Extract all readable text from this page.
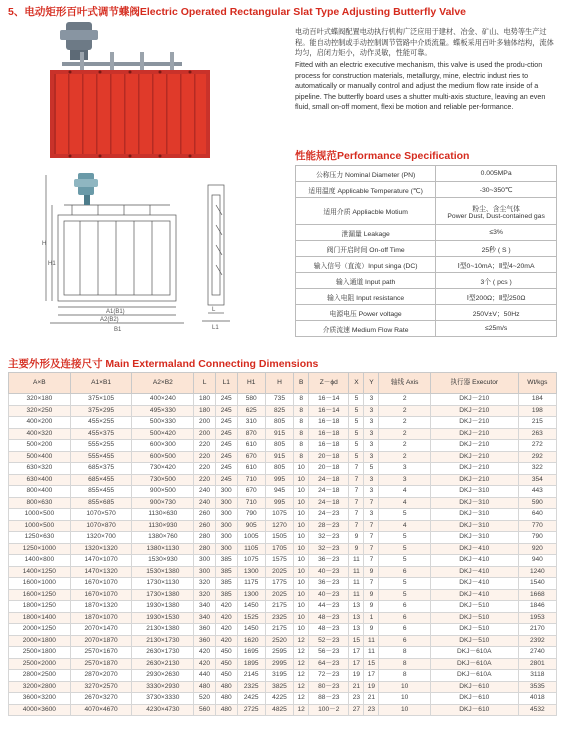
5、电动矩形百叶式调节蝶阀Electric Operated Rectangular Slat Type Adjusting Butterfly Valve
电动百叶式蝶阀配置电动执行机构广泛应用于建材、冶金、矿山、电势等生产过程。能自动控制或手动控制调节管路中介质流量。蝶板采用百叶多轴体结构，流体均匀，启闭力矩小，动作灵敏，性能可靠。
Fitted with an electric executive mechanism, this valve is used the produ-ction process for construction materials, metallurgy, mine, electric indust ries to automatically or manually control and adjust the medium flow rate inside of a pipeline. The butterfly board uses a shutter multi-axis stucture, leaving an even fluid, small on-off moment, flexi be motion and reliable per-formance.
H
H1
A1(B1)
A2(B2)
B1
L
L1
性能规范Performance Specification
公称压力 Nominal Diameter (PN)	0.005MPa
适用温度 Applicable Temperature (℃)	-30~350℃
适用介质 Appliacble Motium	粉尘、含尘气体
Power Dust, Dust-contained gas

泄漏量 Leakage	≤3%
阀门开启时间 On-off Time	25秒 ( S )
输入信号（直流）Input singa (DC)	Ⅰ型0~10mA；Ⅱ型4~20mA
输入通道 Input path	3个 ( pcs )
输入电阻 Input resistance	Ⅰ型200Ω；Ⅱ型250Ω
电源电压 Power voltage	250V±V；50Hz
介质流速 Medium Flow Rate	≤25m/s
主要外形及连接尺寸 Main Extermaland Connecting Dimensions
A×B	A1×B1	A2×B2	L	L1	H1	H	B	Z－ϕd	X	Y	轴线 Axis	执行器 Executor	Wt/kgs
320×180	375×105	400×240	180	245	580	735	8	16－14	5	3	2	DKJ－210	184
320×250	375×295	495×330	180	245	625	825	8	16－14	5	3	2	DKJ－210	198
400×200	455×255	500×330	200	245	310	805	8	16－18	5	3	2	DKJ－210	215
400×320	455×375	500×420	200	245	870	915	8	16－18	5	3	2	DKJ－210	263
500×200	555×255	600×300	220	245	610	805	8	16－18	5	3	2	DKJ－210	272
500×400	555×455	600×500	220	245	670	915	8	20－18	5	3	2	DKJ－210	292
630×320	685×375	730×420	220	245	610	805	10	20－18	7	5	3	DKJ－210	322
630×400	685×455	730×500	220	245	710	995	10	24－18	7	3	3	DKJ－210	354
800×400	855×455	900×500	240	300	670	945	10	24－18	7	3	4	DKJ－310	443
800×630	855×685	900×730	240	300	710	995	10	24－18	7	7	4	DKJ－310	590
1000×500	1070×570	1130×630	260	300	790	1075	10	24－23	7	3	5	DKJ－310	640
1000×500	1070×870	1130×930	260	300	905	1270	10	28－23	7	7	4	DKJ－310	770
1250×630	1320×700	1380×760	280	300	1005	1505	10	32－23	9	7	5	DKJ－310	790
1250×1000	1320×1320	1380×1130	280	300	1105	1705	10	32－23	9	7	5	DKJ－410	920
1400×800	1470×1070	1530×930	300	385	1075	1575	10	36－23	11	7	5	DKJ－410	940
1400×1250	1470×1320	1530×1380	300	385	1300	2025	10	40－23	11	9	6	DKJ－410	1240
1600×1000	1670×1070	1730×1130	320	385	1175	1775	10	36－23	11	7	5	DKJ－410	1540
1600×1250	1670×1070	1730×1380	320	385	1300	2025	10	40－23	11	9	5	DKJ－410	1668
1800×1250	1870×1320	1930×1380	340	420	1450	2175	10	44－23	13	9	6	DKJ－510	1846
1800×1400	1870×1070	1930×1530	340	420	1525	2325	10	48－23	13	1	6	DKJ－510	1953
2000×1250	2070×1470	2130×1380	360	420	1450	2175	10	48－23	13	9	6	DKJ－510	2170
2000×1800	2070×1870	2130×1730	360	420	1620	2520	12	52－23	15	11	6	DKJ－510	2392
2500×1800	2570×1670	2630×1730	420	450	1695	2595	12	56－23	17	11	8	DKJ－610A	2740
2500×2000	2570×1870	2630×2130	420	450	1895	2995	12	64－23	17	15	8	DKJ－610A	2801
2800×2500	2870×2070	2930×2630	440	450	2145	3195	12	72－23	19	17	8	DKJ－610A	3118
3200×2800	3270×2570	3330×2930	480	480	2325	3825	12	80－23	21	19	10	DKJ－610	3535
3600×3200	2670×3270	3730×3330	520	480	2425	4225	12	88－23	23	21	10	DKJ－610	4018
4000×3600	4070×4670	4230×4730	560	480	2725	4825	12	100－2	27	23	10	DKJ－610	4532
